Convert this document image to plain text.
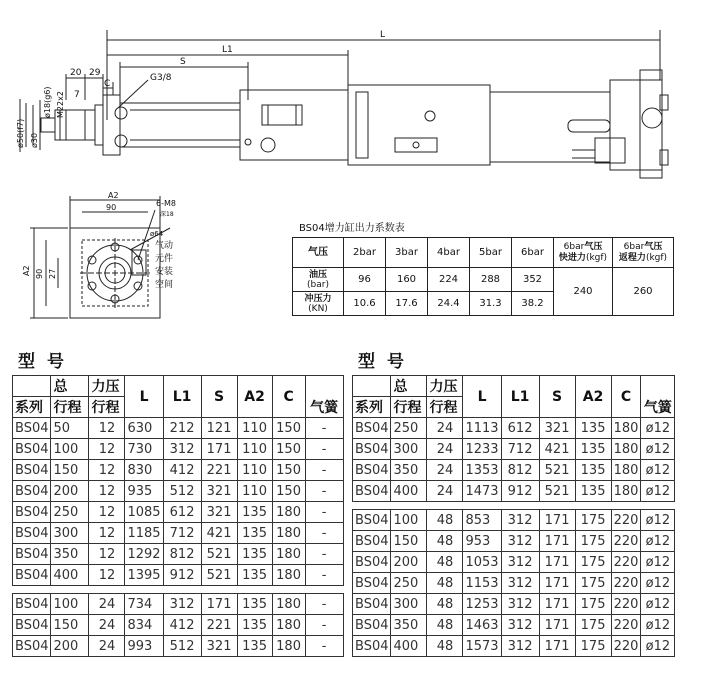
L
L1
S
20 29
7
C
G3/8
M22x2
ø18(g6)
ø30
ø50(f7)
A2
90	6-M8
深18
ø64
A2 90 27
气动
元件
安装
空间
BS04增力缸出力系数表
气压	2bar	3bar	4bar	5bar	6bar	6bar气压
快进力(kgf)	6bar气压
返程力(kgf)
油压
(bar)	96	160	224	288	352	240	260
冲压力
(KN)	10.6	17.6	24.4	31.3	38.2		
型号	型号
	总	力压	L	L1	S	A2	C	气簧
系列	行程	行程						
BS04	50	12	630	212	121	110	150	-
BS04	100	12	730	312	171	110	150	-
BS04	150	12	830	412	221	110	150	-
BS04	200	12	935	512	321	110	150	-
BS04	250	12	1085	612	321	135	180	-
BS04	300	12	1185	712	421	135	180	-
BS04	350	12	1292	812	521	135	180	-
BS04	400	12	1395	912	521	135	180	-

BS04	100	24	734	312	171	135	180	-
BS04	150	24	834	412	221	135	180	-
BS04	200	24	993	512	321	135	180	-
	总	力压	L	L1	S	A2	C	气簧
系列	行程	行程						
BS04	250	24	1113	612	321	135	180	ø12
BS04	300	24	1233	712	421	135	180	ø12
BS04	350	24	1353	812	521	135	180	ø12
BS04	400	24	1473	912	521	135	180	ø12

BS04	100	48	853	312	171	175	220	ø12
BS04	150	48	953	312	171	175	220	ø12
BS04	200	48	1053	312	171	175	220	ø12
BS04	250	48	1153	312	171	175	220	ø12
BS04	300	48	1253	312	171	175	220	ø12
BS04	350	48	1463	312	171	175	220	ø12
BS04	400	48	1573	312	171	175	220	ø12
